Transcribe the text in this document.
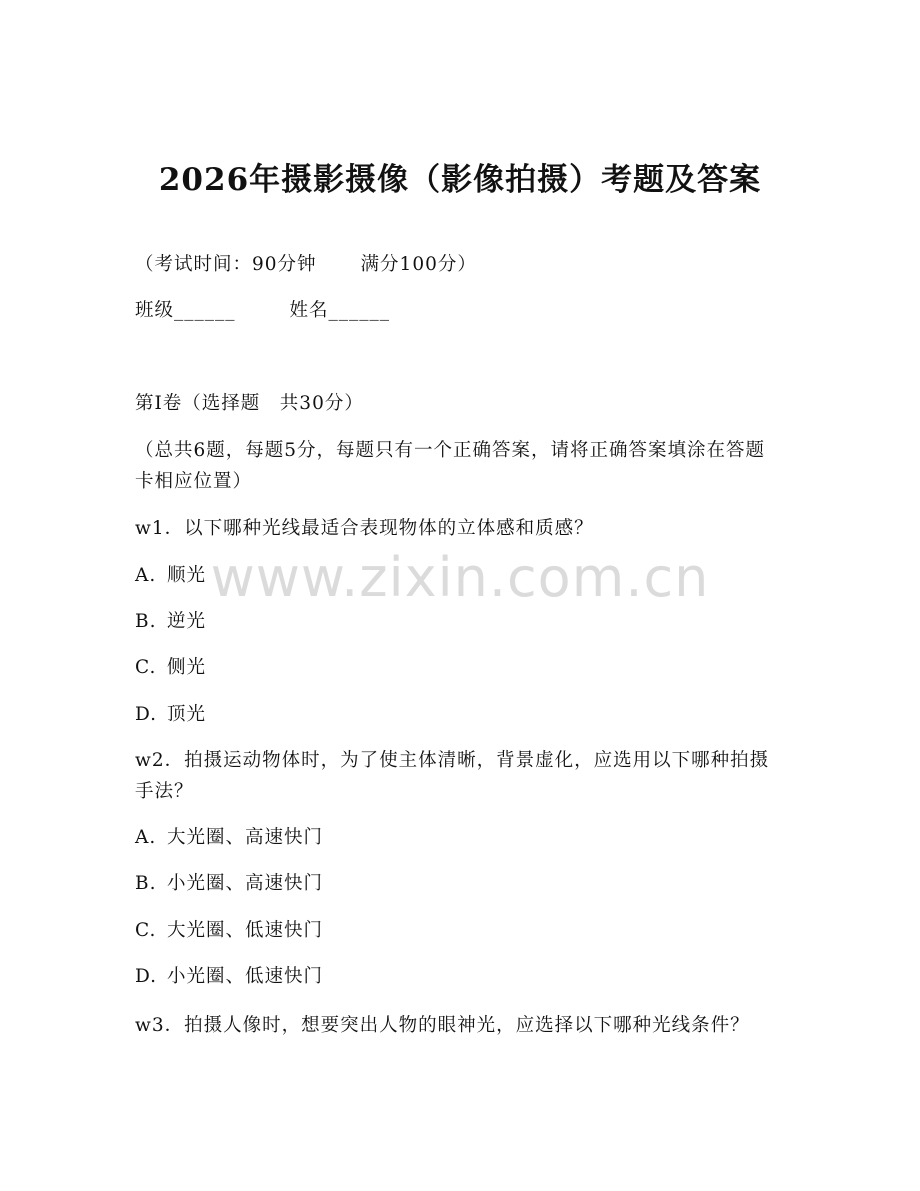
2026年摄影摄像（影像拍摄）考题及答案
（考试时间：90分钟 满分100分）
班级______	姓名______
第Ⅰ卷（选择题　共30分）
（总共6题，每题5分，每题只有一个正确答案，请将正确答案填涂在答题卡相应位置）
w1．以下哪种光线最适合表现物体的立体感和质感？
A. 顺光
B. 逆光
C. 侧光
D. 顶光
w2．拍摄运动物体时，为了使主体清晰，背景虚化，应选用以下哪种拍摄手法？
A. 大光圈、高速快门
B. 小光圈、高速快门
C. 大光圈、低速快门
D. 小光圈、低速快门
w3．拍摄人像时，想要突出人物的眼神光，应选择以下哪种光线条件？
www.zixin.com.cn
